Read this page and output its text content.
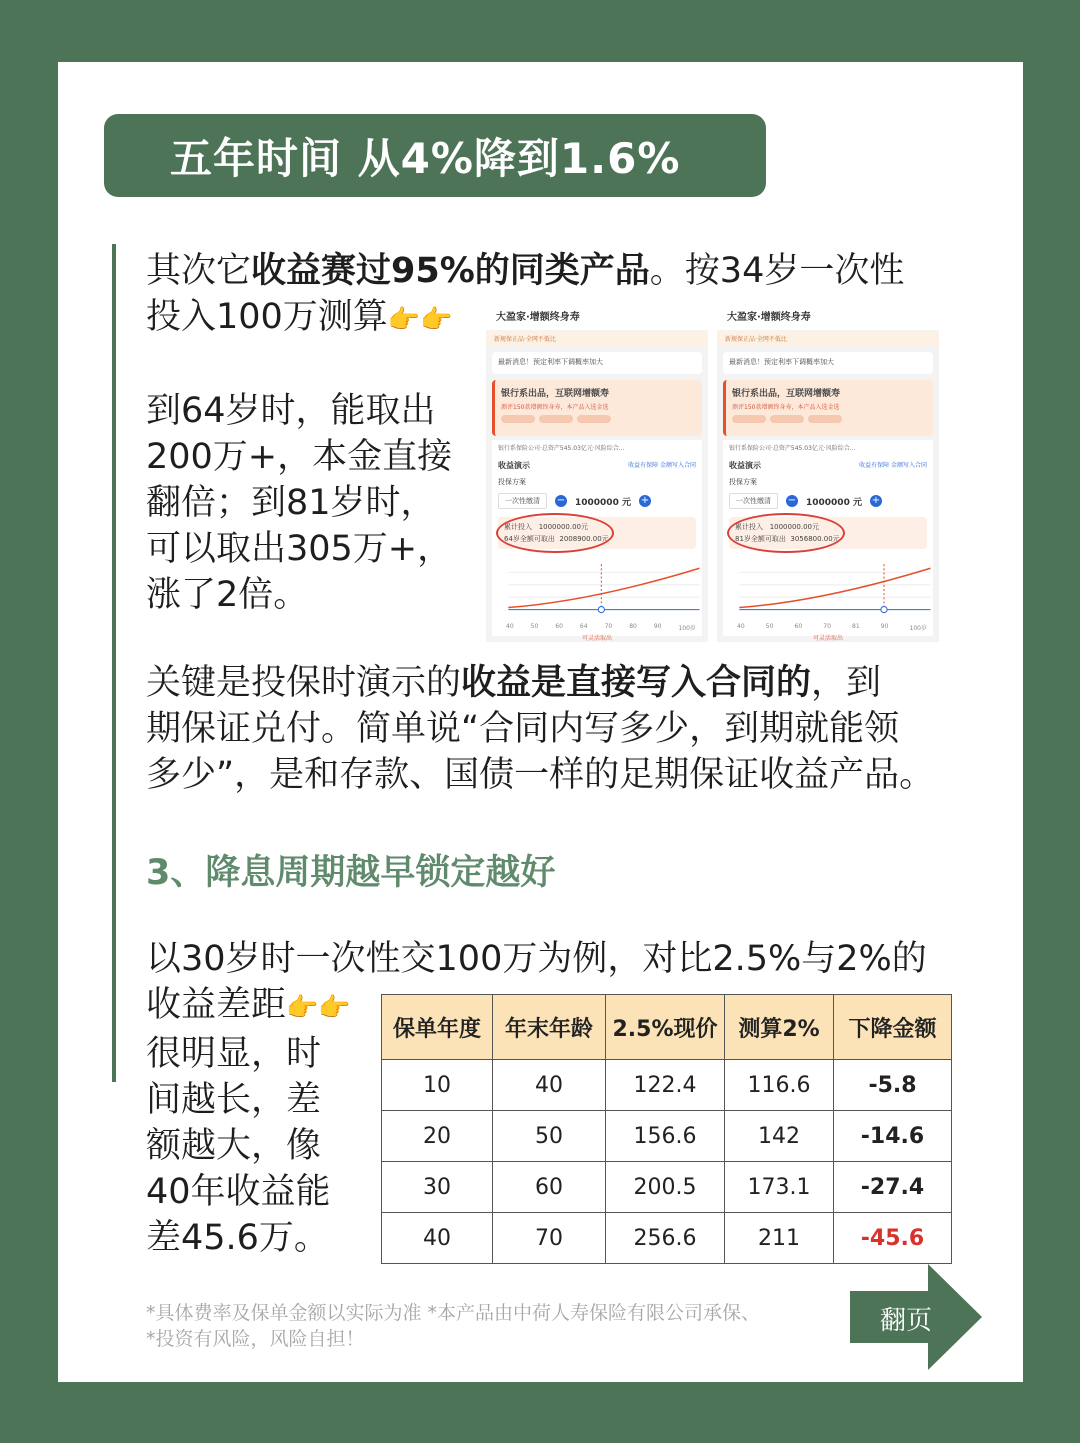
五年时间 从4%降到1.6%
其次它收益赛过95%的同类产品。按34岁一次性
投入100万测算👉👉
到64岁时，能取出
200万+，本金直接
翻倍；到81岁时，
可以取出305万+，
涨了2倍。
大盈家·增额终身寿
新规保正品·全网不低比
最新消息！预定利率下调概率加大
银行系出品，互联网增额寿
测评150款增额终身寿，本产品入选金选
银行系保险公司·总资产545.03亿元·风险综合...
收益演示	收益有保障 金额写入合同
投保方案
一次性缴清	− 1000000 元 +
累计投入 1000000.00元
64岁全额可取出 2008900.00元
40	50	60	64	70	80	90	100岁
可灵活取出
大盈家·增额终身寿
新规保正品·全网不低比
最新消息！预定利率下调概率加大
银行系出品，互联网增额寿
测评150款增额终身寿，本产品入选金选
银行系保险公司·总资产545.03亿元·风险综合...
收益演示	收益有保障 金额写入合同
投保方案
一次性缴清	− 1000000 元 +
累计投入 1000000.00元
81岁全额可取出 3056800.00元
40	50	60	70	81	90	100岁
可灵活取出
关键是投保时演示的收益是直接写入合同的，到
期保证兑付。简单说“合同内写多少，到期就能领
多少”，是和存款、国债一样的足期保证收益产品。
3、降息周期越早锁定越好
以30岁时一次性交100万为例，对比2.5%与2%的
收益差距👉👉
很明显，时
间越长，差
额越大，像
40年收益能
差45.6万。
保单年度	年末年龄	2.5%现价	测算2%	下降金额
10	40	122.4	116.6	-5.8
20	50	156.6	142	-14.6
30	60	200.5	173.1	-27.4
40	70	256.6	211	-45.6
*具体费率及保单金额以实际为准 *本产品由中荷人寿保险有限公司承保、
*投资有风险，风险自担！
翻页
